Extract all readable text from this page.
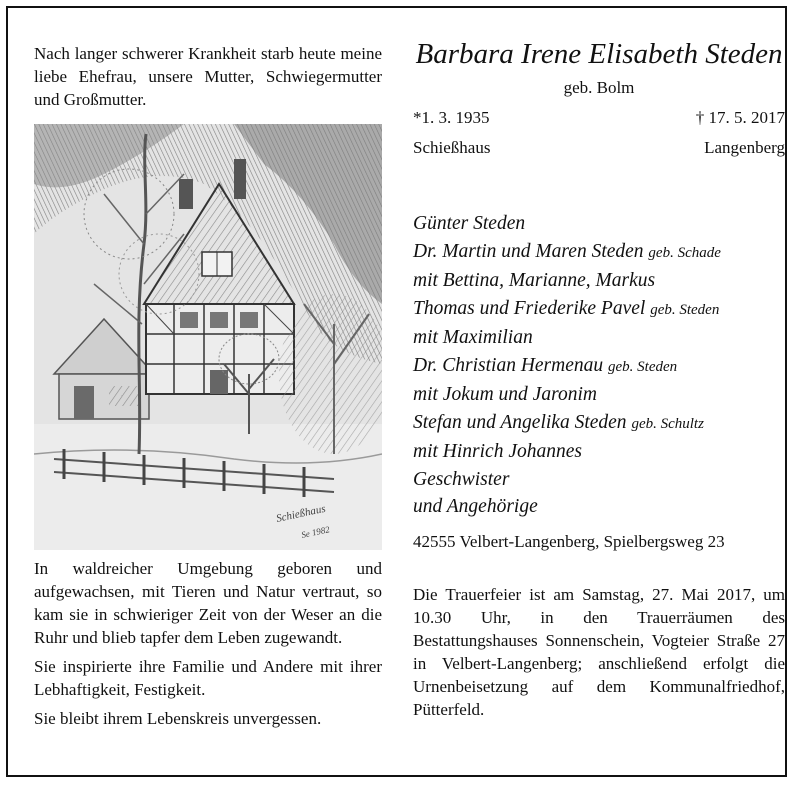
Nach langer schwerer Krankheit starb heute meine liebe Ehefrau, unsere Mutter, Schwiegermutter und Großmutter.

Schießhaus
Se 1982

In waldreicher Umgebung geboren und aufgewachsen, mit Tieren und Natur vertraut, so kam sie in schwieriger Zeit von der Weser an die Ruhr und blieb tapfer dem Leben zugewandt.

Sie inspirierte ihre Familie und Andere mit ihrer Lebhaftigkeit, Festigkeit.

Sie bleibt ihrem Lebenskreis unvergessen.

Barbara Irene Elisabeth Steden
geb. Bolm
*1. 3. 1935	† 17. 5. 2017
Schießhaus	Langenberg
Günter Steden
Dr. Martin und Maren Steden geb. Schade
mit Bettina, Marianne, Markus
Thomas und Friederike Pavel geb. Steden
mit Maximilian
Dr. Christian Hermenau geb. Steden
mit Jokum und Jaronim
Stefan und Angelika Steden geb. Schultz
mit Hinrich Johannes
Geschwister
und Angehörige
42555 Velbert-Langenberg, Spielbergsweg 23
Die Trauerfeier ist am Samstag, 27. Mai 2017, um 10.30 Uhr, in den Trauerräumen des Bestattungshauses Sonnenschein, Vogteier Straße 27 in Velbert-Langenberg; anschließend erfolgt die Urnenbeisetzung auf dem Kommunalfriedhof, Pütterfeld.
